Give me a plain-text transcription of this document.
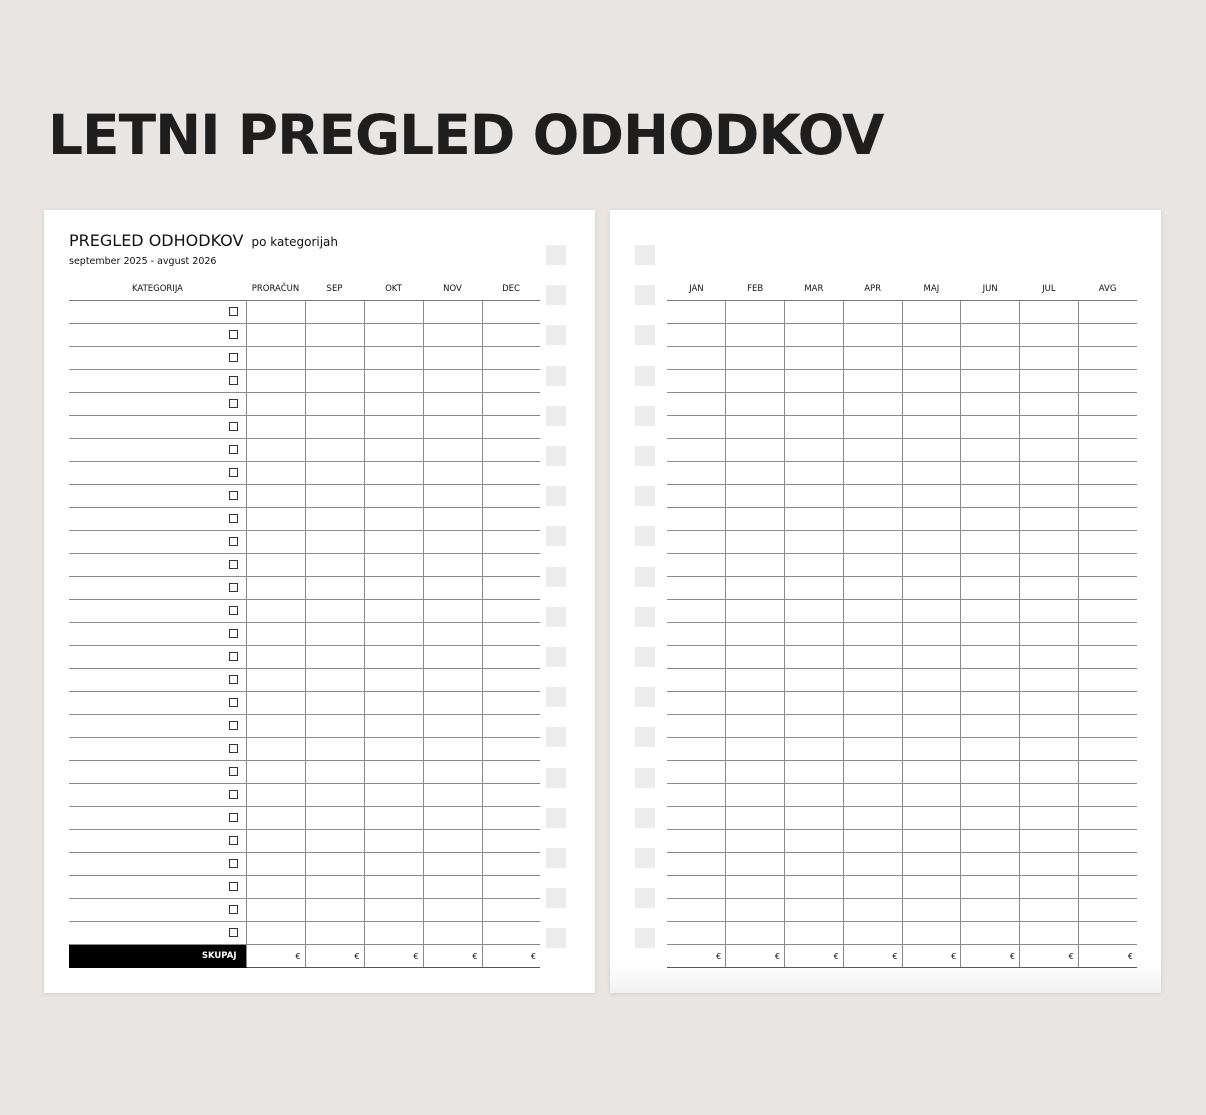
LETNI PREGLED ODHODKOV
PREGLED ODHODKOV po kategorijah
september 2025 - avgust 2026
KATEGORIJA	PRORAČUN	SEP	OKT	NOV	DEC

SKUPAJ	€	€	€	€	€
JAN	FEB	MAR	APR	MAJ	JUN	JUL	AVG

€	€	€	€	€	€	€	€
